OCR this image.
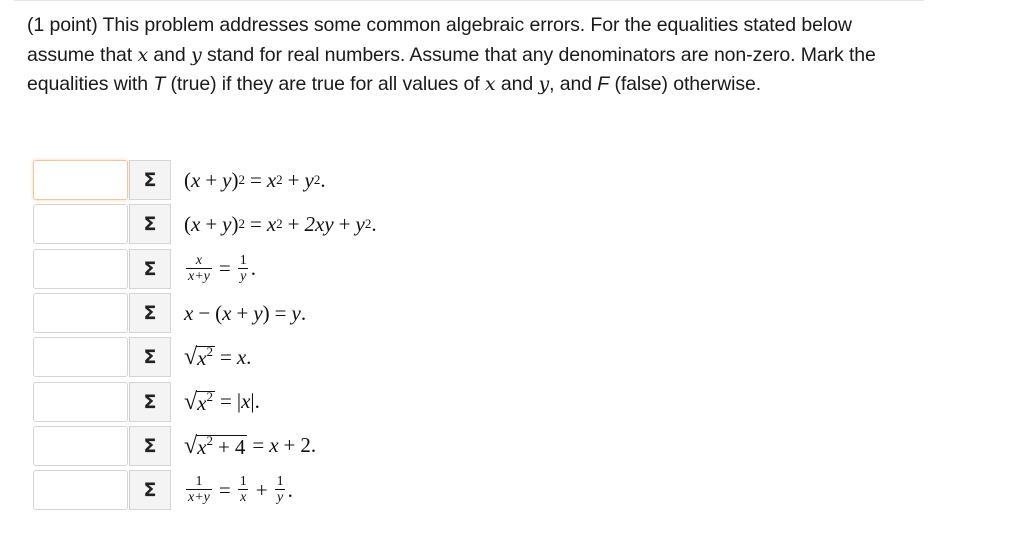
(1 point) This problem addresses some common algebraic errors. For the equalities stated below assume that x and y stand for real numbers. Assume that any denominators are non-zero. Mark the equalities with T (true) if they are true for all values of x and y, and F (false) otherwise.
Σ	( x + y ) 2 = x 2 + y 2 .
Σ	( x + y ) 2 = x 2 + 2xy + y 2 .
Σ	$\frac{x}{x+y} = \frac{1}{y}$ .
Σ	x − ( x + y ) = y .
Σ	√ $x^2 = x$ .
Σ	√ $x^2$ = | x | .
Σ	√ $x^2 + 4 = x + 2$ .
Σ	$\frac{1}{x+y} = \frac{1}{x} + \frac{1}{y}$ .
